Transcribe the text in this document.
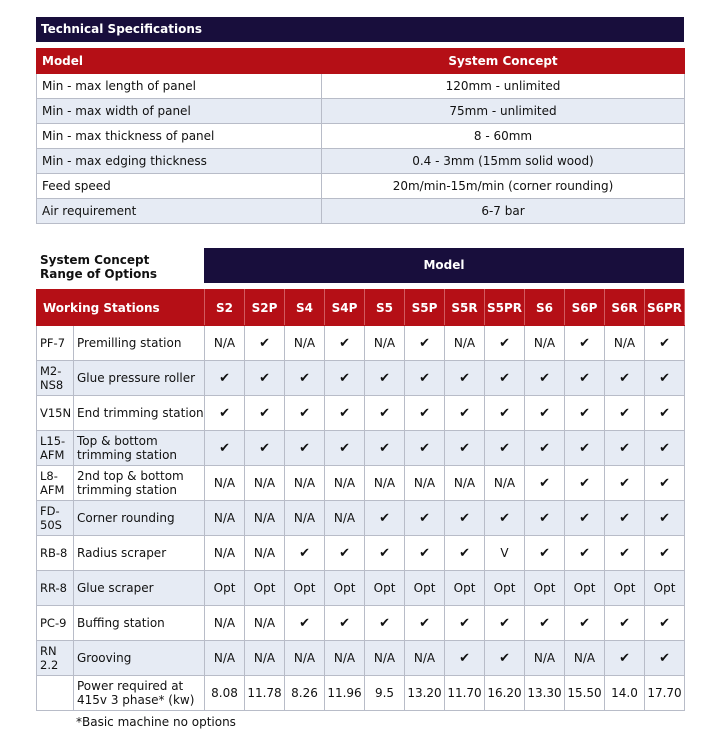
Technical Specifications
Model	System Concept
Min - max length of panel	120mm - unlimited
Min - max width of panel	75mm - unlimited
Min - max thickness of panel	8 - 60mm
Min - max edging thickness	0.4 - 3mm (15mm solid wood)
Feed speed	20m/min-15m/min (corner rounding)
Air requirement	6-7 bar
System Concept
Range of Options
Model
Working Stations		S2	S2P	S4	S4P	S5	S5P	S5R	S5PR	S6	S6P	S6R	S6PR
PF-7	Premilling station	N/A	✔	N/A	✔	N/A	✔	N/A	✔	N/A	✔	N/A	✔
M2-NS8	Glue pressure roller	✔	✔	✔	✔	✔	✔	✔	✔	✔	✔	✔	✔
V15N	End trimming station	✔	✔	✔	✔	✔	✔	✔	✔	✔	✔	✔	✔
L15-AFM	Top & bottom trimming station	✔	✔	✔	✔	✔	✔	✔	✔	✔	✔	✔	✔
L8-AFM	2nd top & bottom trimming station	N/A	N/A	N/A	N/A	N/A	N/A	N/A	N/A	✔	✔	✔	✔
FD-50S	Corner rounding	N/A	N/A	N/A	N/A	✔	✔	✔	✔	✔	✔	✔	✔
RB-8	Radius scraper	N/A	N/A	✔	✔	✔	✔	✔	V	✔	✔	✔	✔
RR-8	Glue scraper	Opt	Opt	Opt	Opt	Opt	Opt	Opt	Opt	Opt	Opt	Opt	Opt
PC-9	Buffing station	N/A	N/A	✔	✔	✔	✔	✔	✔	✔	✔	✔	✔
RN 2.2	Grooving	N/A	N/A	N/A	N/A	N/A	N/A	✔	✔	N/A	N/A	✔	✔
	Power required at 415v 3 phase* (kw)	8.08	11.78	8.26	11.96	9.5	13.20	11.70	16.20	13.30	15.50	14.0	17.70
*Basic machine no options
